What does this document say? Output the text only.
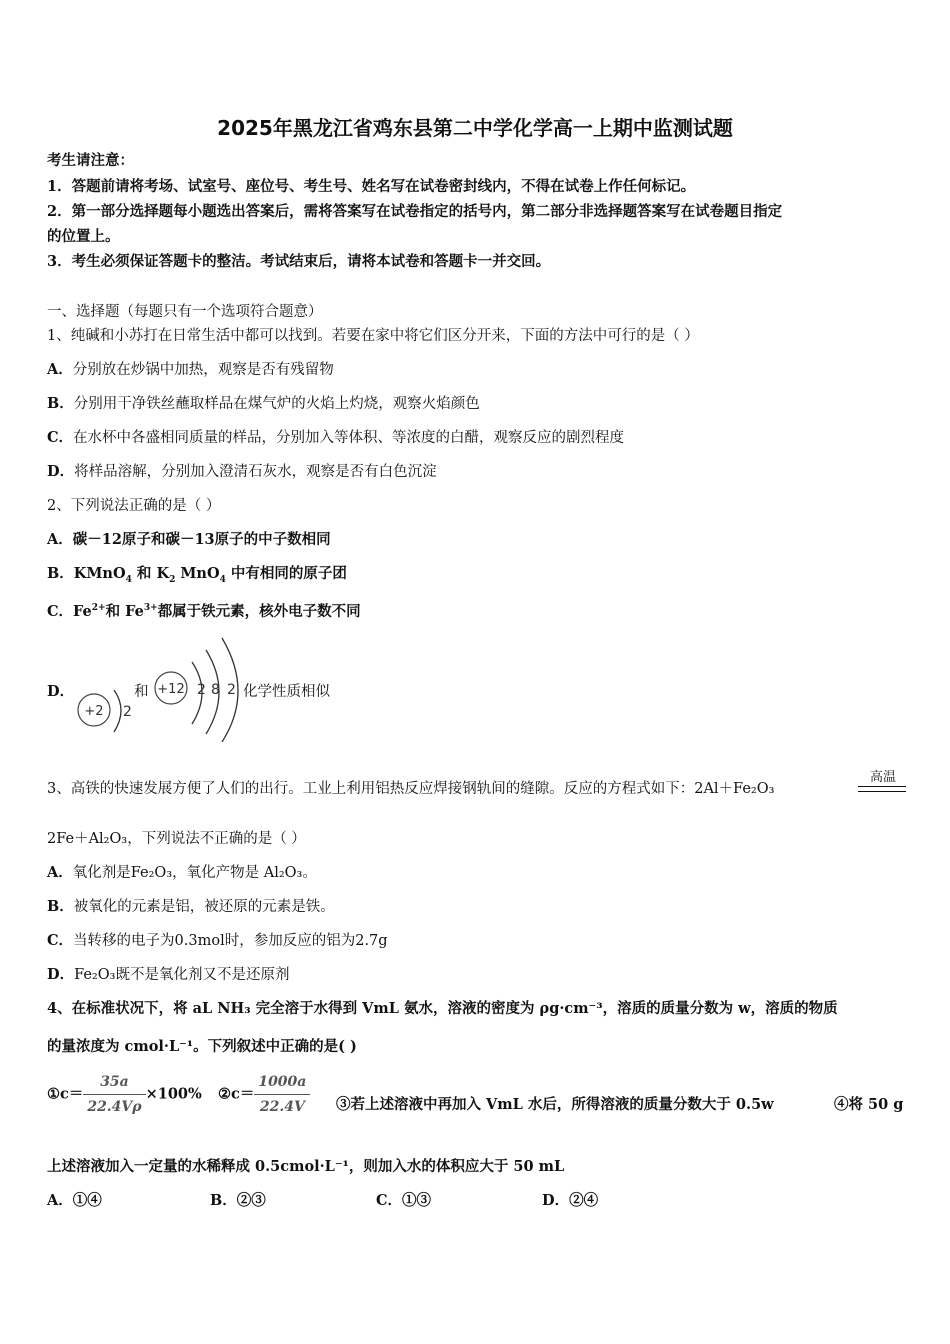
2025年黑龙江省鸡东县第二中学化学高一上期中监测试题
考生请注意：
1．答题前请将考场、试室号、座位号、考生号、姓名写在试卷密封线内，不得在试卷上作任何标记。
2．第一部分选择题每小题选出答案后，需将答案写在试卷指定的括号内，第二部分非选择题答案写在试卷题目指定
的位置上。
3．考生必须保证答题卡的整洁。考试结束后，请将本试卷和答题卡一并交回。
一、选择题（每题只有一个选项符合题意）
1、纯碱和小苏打在日常生活中都可以找到。若要在家中将它们区分开来，下面的方法中可行的是（ ）
A．分别放在炒锅中加热，观察是否有残留物
B．分别用干净铁丝蘸取样品在煤气炉的火焰上灼烧，观察火焰颜色
C．在水杯中各盛相同质量的样品，分别加入等体积、等浓度的白醋，观察反应的剧烈程度
D．将样品溶解，分别加入澄清石灰水，观察是否有白色沉淀
2、下列说法正确的是（ ）
A．碳－12原子和碳－13原子的中子数相同
B．KMnO$_4$ 和 $K_2$ MnO$_4$ 中有相同的原子团
C．$Fe^{2+}$和 $Fe^{3+}$都属于铁元素，核外电子数不同
D．
+2 2
+12 2 8 2
和	化学性质相似
3、高铁的快速发展方便了人们的出行。工业上利用铝热反应焊接钢轨间的缝隙。反应的方程式如下：2Al＋Fe₂O₃
高温
2Fe＋Al₂O₃，下列说法不正确的是（ ）
A．氧化剂是Fe₂O₃，氧化产物是 Al₂O₃。
B．被氧化的元素是铝，被还原的元素是铁。
C．当转移的电子为0.3mol时，参加反应的铝为2.7g
D．Fe₂O₃既不是氧化剂又不是还原剂
4、在标准状况下，将 aL NH₃ 完全溶于水得到 VmL 氨水，溶液的密度为 ρg·cm⁻³，溶质的质量分数为 w，溶质的物质
的量浓度为 cmol·L⁻¹。下列叙述中正确的是( )
①c＝ $\frac{35a}{22.4V\rho} \times 100\%$ ②c＝ $\frac{1000a}{22.4V}$ ③若上述溶液中再加入 VmL 水后，所得溶液的质量分数大于 0.5w	④将 50 g
上述溶液加入一定量的水稀释成 0.5cmol·L⁻¹，则加入水的体积应大于 50 mL
A．①④	B．②③	C．①③	D．②④
